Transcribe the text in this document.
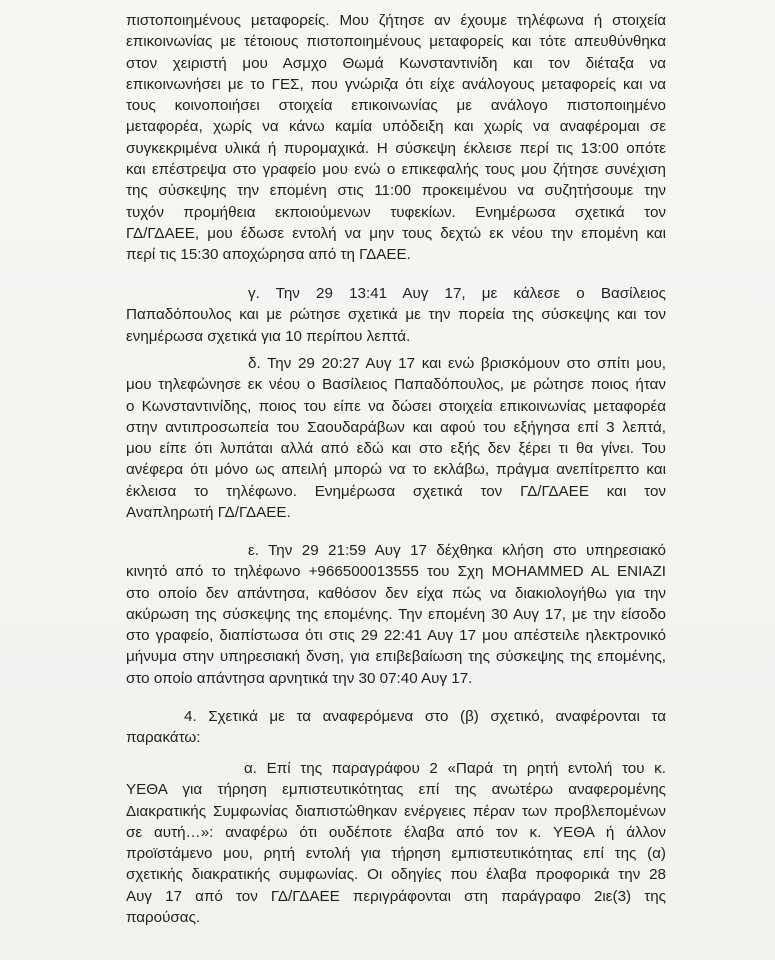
πιστοποιημένους μεταφορείς. Μου ζήτησε αν έχουμε τηλέφωνα ή στοιχεία
επικοινωνίας με τέτοιους πιστοποιημένους μεταφορείς και τότε απευθύνθηκα
στον χειριστή μου Ασμχο Θωμά Κωνσταντινίδη και τον διέταξα να
επικοινωνήσει με το ΓΕΣ, που γνώριζα ότι είχε ανάλογους μεταφορείς και να
τους κοινοποιήσει στοιχεία επικοινωνίας με ανάλογο πιστοποιημένο
μεταφορέα, χωρίς να κάνω καμία υπόδειξη και χωρίς να αναφέρομαι σε
συγκεκριμένα υλικά ή πυρομαχικά. Η σύσκεψη έκλεισε περί τις 13:00 οπότε
και επέστρεψα στο γραφείο μου ενώ ο επικεφαλής τους μου ζήτησε συνέχιση
της σύσκεψης την επομένη στις 11:00 προκειμένου να συζητήσουμε την
τυχόν προμήθεια εκποιούμενων τυφεκίων. Ενημέρωσα σχετικά τον
ΓΔ/ΓΔΑΕΕ, μου έδωσε εντολή να μην τους δεχτώ εκ νέου την επομένη και
περί τις 15:30 αποχώρησα από τη ΓΔΑΕΕ.
γ. Την 29 13:41 Αυγ 17, με κάλεσε ο Βασίλειος
Παπαδόπουλος και με ρώτησε σχετικά με την πορεία της σύσκεψης και τον
ενημέρωσα σχετικά για 10 περίπου λεπτά.
δ. Την 29 20:27 Αυγ 17 και ενώ βρισκόμουν στο σπίτι μου,
μου τηλεφώνησε εκ νέου ο Βασίλειος Παπαδόπουλος, με ρώτησε ποιος ήταν
ο Κωνσταντινίδης, ποιος του είπε να δώσει στοιχεία επικοινωνίας μεταφορέα
στην αντιπροσωπεία του Σαουδαράβων και αφού του εξήγησα επί 3 λεπτά,
μου είπε ότι λυπάται αλλά από εδώ και στο εξής δεν ξέρει τι θα γίνει. Του
ανέφερα ότι μόνο ως απειλή μπορώ να το εκλάβω, πράγμα ανεπίτρεπτο και
έκλεισα το τηλέφωνο. Ενημέρωσα σχετικά τον ΓΔ/ΓΔΑΕΕ και τον
Αναπληρωτή ΓΔ/ΓΔΑΕΕ.
ε. Την 29 21:59 Αυγ 17 δέχθηκα κλήση στο υπηρεσιακό
κινητό από το τηλέφωνο +966500013555 του Σχη MOHAMMED AL ENIAZI
στο οποίο δεν απάντησα, καθόσον δεν είχα πώς να διακιολογήθω για την
ακύρωση της σύσκεψης της επομένης. Την επομένη 30 Αυγ 17, με την είσοδο
στο γραφείο, διαπίστωσα ότι στις 29 22:41 Αυγ 17 μου απέστειλε ηλεκτρονικό
μήνυμα στην υπηρεσιακή δνση, για επιβεβαίωση της σύσκεψης της επομένης,
στο οποίο απάντησα αρνητικά την 30 07:40 Αυγ 17.
4. Σχετικά με τα αναφερόμενα στο (β) σχετικό, αναφέρονται τα
παρακάτω:
α. Επί της παραγράφου 2 «Παρά τη ρητή εντολή του κ.
ΥΕΘΑ για τήρηση εμπιστευτικότητας επί της ανωτέρω αναφερομένης
Διακρατικής Συμφωνίας διαπιστώθηκαν ενέργειες πέραν των προβλεπομένων
σε αυτή…»: αναφέρω ότι ουδέποτε έλαβα από τον κ. ΥΕΘΑ ή άλλον
προϊστάμενο μου, ρητή εντολή για τήρηση εμπιστευτικότητας επί της (α)
σχετικής διακρατικής συμφωνίας. Οι οδηγίες που έλαβα προφορικά την 28
Αυγ 17 από τον ΓΔ/ΓΔΑΕΕ περιγράφονται στη παράγραφο 2ιε(3) της
παρούσας.
